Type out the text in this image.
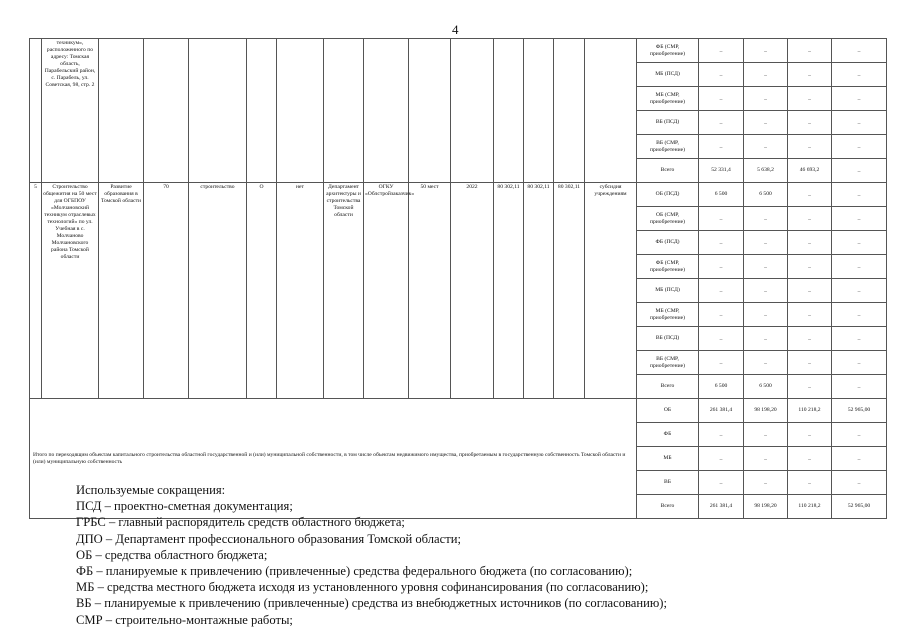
4
	техникум», расположенного по адресу: Томская область, Парабельский район, с. Парабель, ул. Советская, 98, стр. 2														ФБ (СМР, приобретение)	_	_	_	_
															МБ (ПСД)	_	_	_	_
															МБ (СМР, приобретение)	_	_	_	_
															ВБ (ПСД)	_	_	_	_
															ВБ (СМР, приобретение)	_	_	_	_
															Всего	52 331,4	5 638,2	46 693,2	_
5	Строительство общежития на 50 мест для ОГБПОУ «Молчановский техникум отраслевых технологий» по ул. Учебная в с. Молчаново Молчановского района Томской области	Развитие образования в Томской области	70	строительство	О	нет	Департамент архитектуры и строительства Томской области	ОГКУ «Облстройзаказчик»	50 мест	2022	80 302,11	80 302,11	80 302,11	субсидия учреждениям	ОБ (ПСД)	6 500	6 500	_	_
															ОБ (СМР, приобретение)	_	_	_	_
															ФБ (ПСД)	_	_	_	_
															ФБ (СМР, приобретение)	_	_	_	_
															МБ (ПСД)	_	_	_	_
															МБ (СМР, приобретение)	_	_	_	_
															ВБ (ПСД)	_	_	_	_
															ВБ (СМР, приобретение)	_	_	_	_
															Всего	6 500	6 500	_	_
Итого по переходящим объектам капитального строительства областной государственной и (или) муниципальной собственности, в том числе объектам недвижимого имущества, приобретаемым в государственную собственность Томской области и (или) муниципальную собственность															ОБ	261 381,4	98 198,20	110 218,2	52 965,00
															ФБ	_	_	_	_
															МБ	_	_	_	_
															ВБ	_	_	_	_
															Всего	261 381,4	98 198,20	110 218,2	52 965,00
Используемые сокращения:
ПСД – проектно-сметная документация;
ГРБС – главный распорядитель средств областного бюджета;
ДПО – Департамент профессионального образования Томской области;
ОБ – средства областного бюджета;
ФБ – планируемые к привлечению (привлеченные) средства федерального бюджета (по согласованию);
МБ – средства местного бюджета исходя из установленного уровня софинансирования (по согласованию);
ВБ – планируемые к привлечению (привлеченные) средства из внебюджетных источников (по согласованию);
СМР – строительно-монтажные работы;
